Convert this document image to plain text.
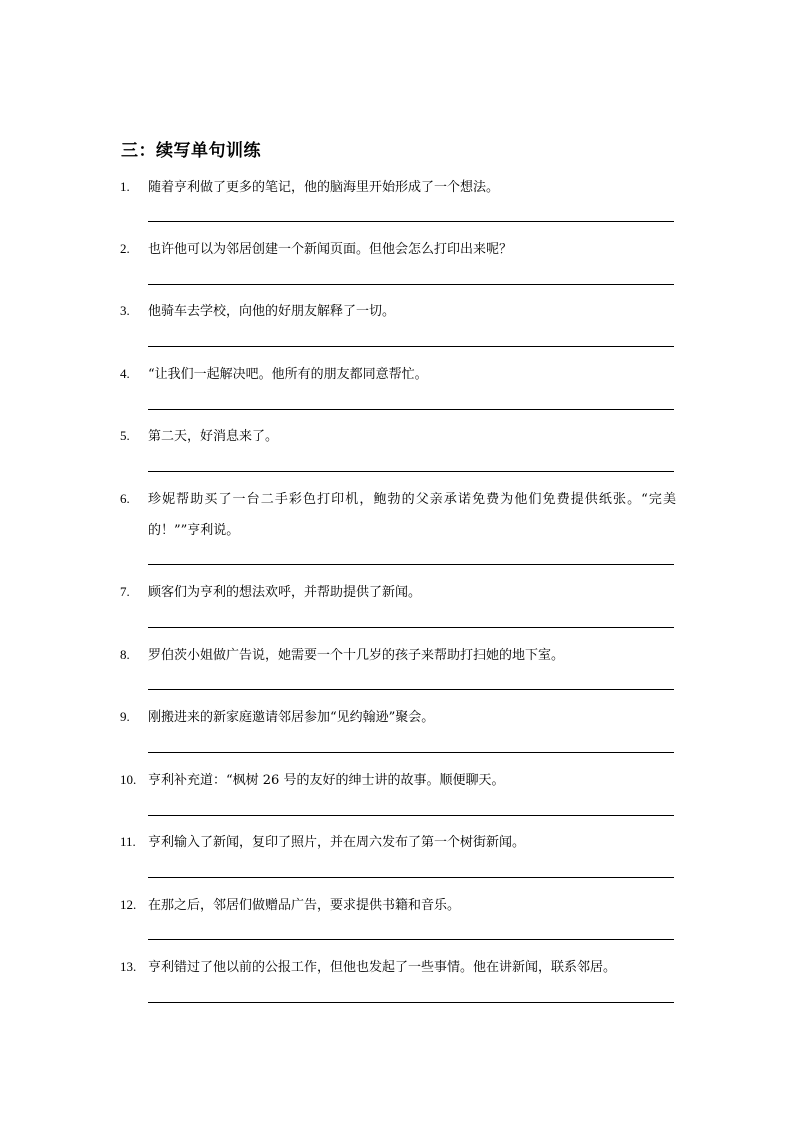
三：续写单句训练
1. 随着亨利做了更多的笔记，他的脑海里开始形成了一个想法。
2. 也许他可以为邻居创建一个新闻页面。但他会怎么打印出来呢？
3. 他骑车去学校，向他的好朋友解释了一切。
4. “让我们一起解决吧。他所有的朋友都同意帮忙。
5. 第二天，好消息来了。
6. 珍妮帮助买了一台二手彩色打印机，鲍勃的父亲承诺免费为他们免费提供纸张。“完美的！””亨利说。
7. 顾客们为亨利的想法欢呼，并帮助提供了新闻。
8. 罗伯茨小姐做广告说，她需要一个十几岁的孩子来帮助打扫她的地下室。
9. 刚搬进来的新家庭邀请邻居参加“见约翰逊”聚会。
10. 亨利补充道：“枫树 26 号的友好的绅士讲的故事。顺便聊天。
11. 亨利输入了新闻，复印了照片，并在周六发布了第一个树街新闻。
12. 在那之后，邻居们做赠品广告，要求提供书籍和音乐。
13. 亨利错过了他以前的公报工作，但他也发起了一些事情。他在讲新闻，联系邻居。
